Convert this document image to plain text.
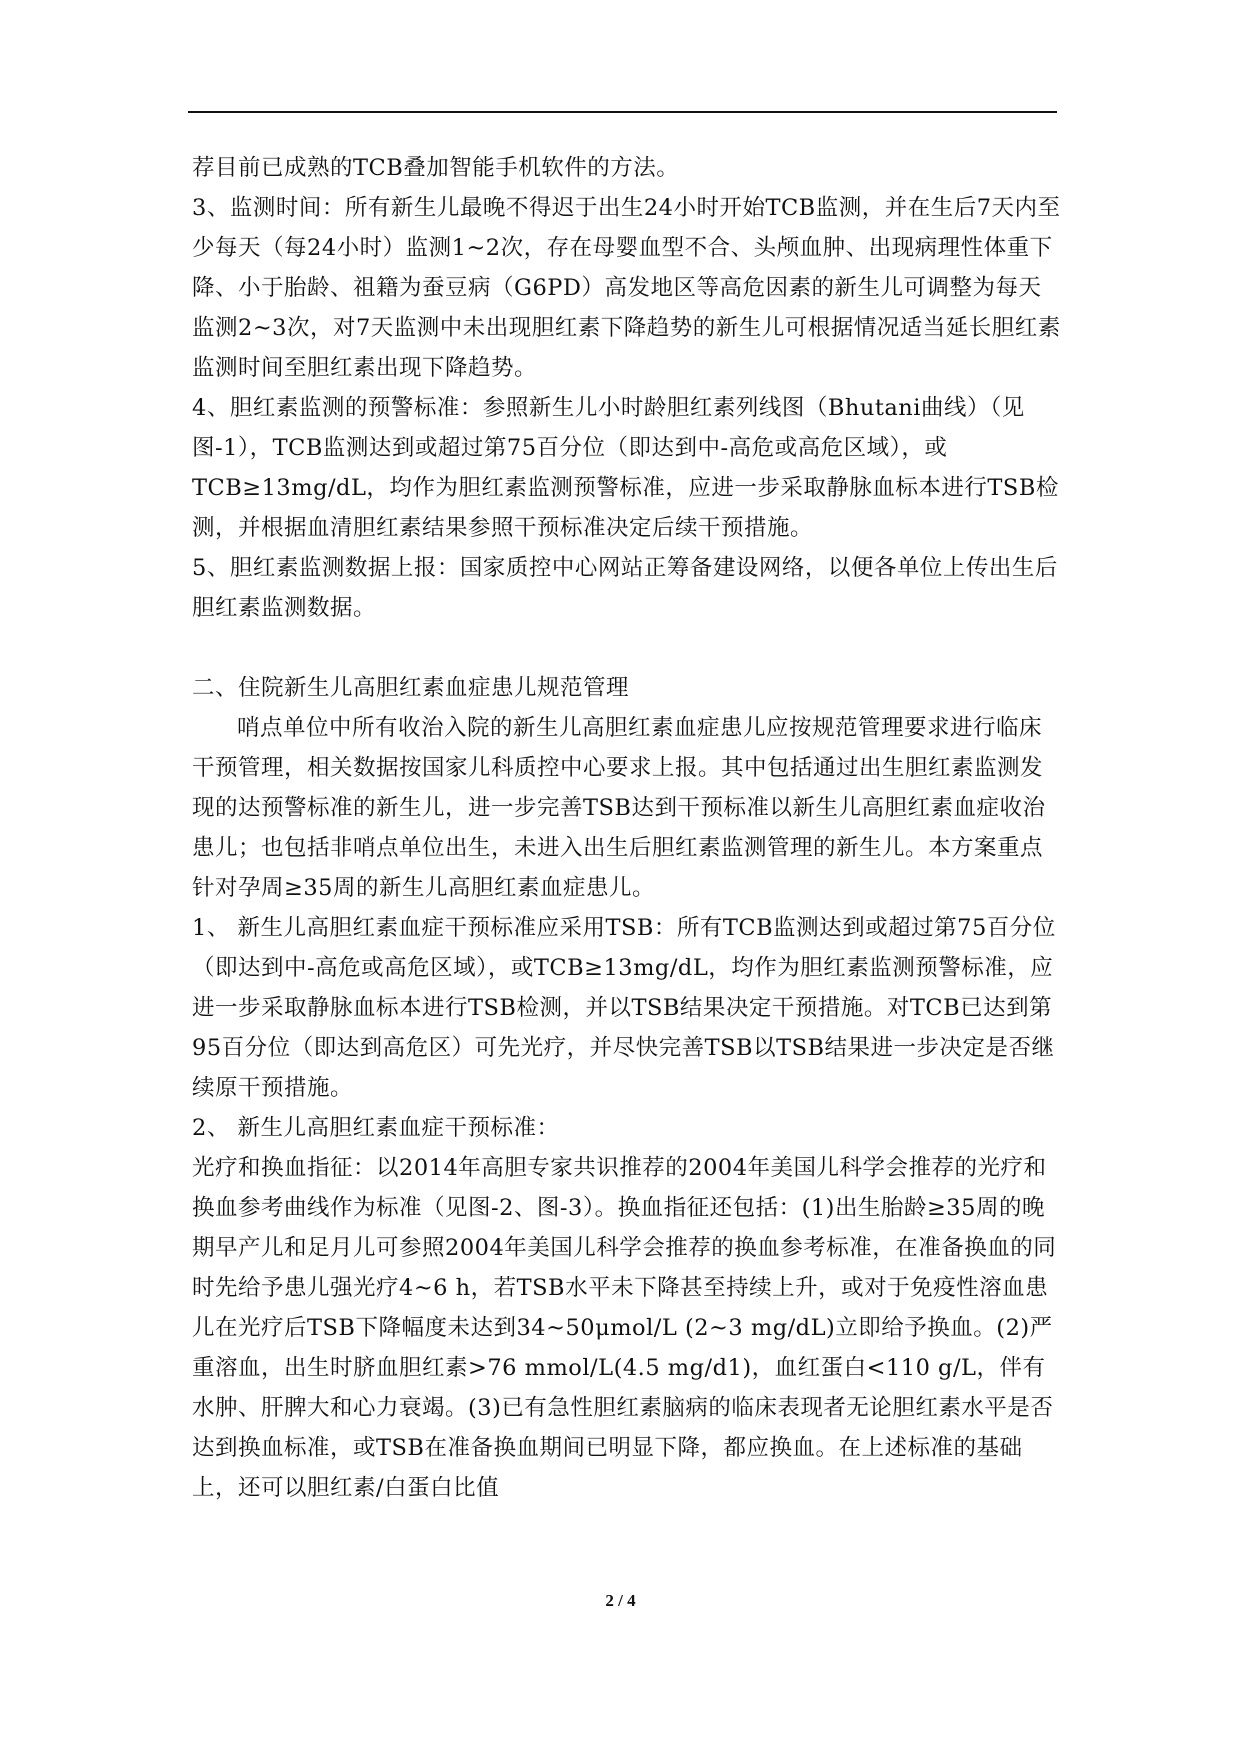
荐目前已成熟的TCB叠加智能手机软件的方法。

3、监测时间：所有新生儿最晚不得迟于出生24小时开始TCB监测，并在生后7天内至少每天（每24小时）监测1~2次，存在母婴血型不合、头颅血肿、出现病理性体重下降、小于胎龄、祖籍为蚕豆病（G6PD）高发地区等高危因素的新生儿可调整为每天监测2~3次，对7天监测中未出现胆红素下降趋势的新生儿可根据情况适当延长胆红素监测时间至胆红素出现下降趋势。

4、胆红素监测的预警标准：参照新生儿小时龄胆红素列线图（Bhutani曲线）（见图-1），TCB监测达到或超过第75百分位（即达到中-高危或高危区域），或TCB≥13mg/dL，均作为胆红素监测预警标准，应进一步采取静脉血标本进行TSB检测，并根据血清胆红素结果参照干预标准决定后续干预措施。

5、胆红素监测数据上报：国家质控中心网站正筹备建设网络，以便各单位上传出生后胆红素监测数据。

二、住院新生儿高胆红素血症患儿规范管理

哨点单位中所有收治入院的新生儿高胆红素血症患儿应按规范管理要求进行临床干预管理，相关数据按国家儿科质控中心要求上报。其中包括通过出生胆红素监测发现的达预警标准的新生儿，进一步完善TSB达到干预标准以新生儿高胆红素血症收治患儿；也包括非哨点单位出生，未进入出生后胆红素监测管理的新生儿。本方案重点针对孕周≥35周的新生儿高胆红素血症患儿。

1、 新生儿高胆红素血症干预标准应采用TSB：所有TCB监测达到或超过第75百分位（即达到中-高危或高危区域），或TCB≥13mg/dL，均作为胆红素监测预警标准，应进一步采取静脉血标本进行TSB检测，并以TSB结果决定干预措施。对TCB已达到第95百分位（即达到高危区）可先光疗，并尽快完善TSB以TSB结果进一步决定是否继续原干预措施。

2、 新生儿高胆红素血症干预标准：

光疗和换血指征：以2014年高胆专家共识推荐的2004年美国儿科学会推荐的光疗和换血参考曲线作为标准（见图-2、图-3）。换血指征还包括：(1)出生胎龄≥35周的晚期早产儿和足月儿可参照2004年美国儿科学会推荐的换血参考标准，在准备换血的同时先给予患儿强光疗4~6 h，若TSB水平未下降甚至持续上升，或对于免疫性溶血患儿在光疗后TSB下降幅度未达到34~50μmol/L (2~3 mg/dL)立即给予换血。(2)严重溶血，出生时脐血胆红素>76 mmol/L(4.5 mg/d1)，血红蛋白<110 g/L，伴有水肿、肝脾大和心力衰竭。(3)已有急性胆红素脑病的临床表现者无论胆红素水平是否达到换血标准，或TSB在准备换血期间已明显下降，都应换血。在上述标准的基础上，还可以胆红素/白蛋白比值

2 / 4
